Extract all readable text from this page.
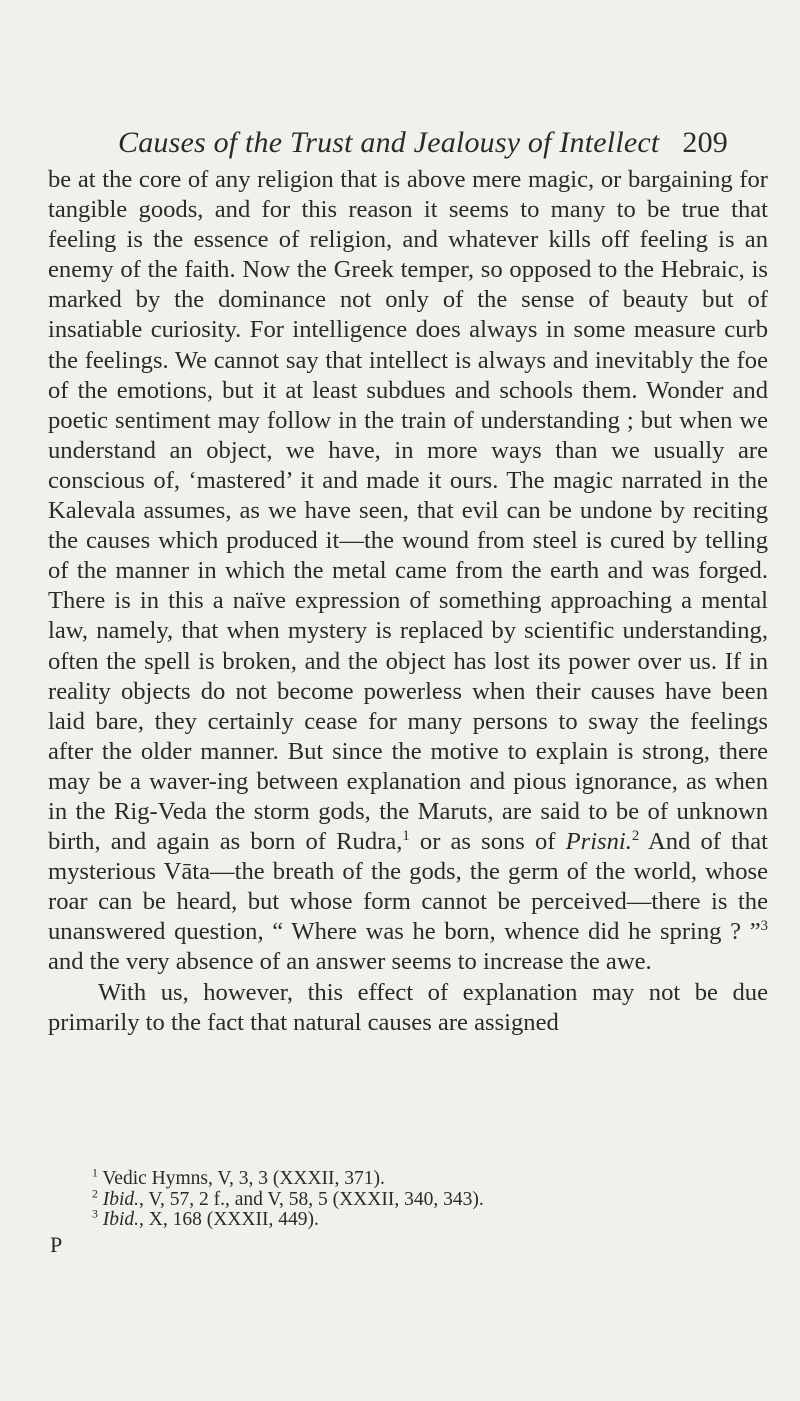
Causes of the Trust and Jealousy of Intellect 209

be at the core of any religion that is above mere magic, or bargaining for tangible goods, and for this reason it seems to many to be true that feeling is the essence of religion, and whatever kills off feeling is an enemy of the faith. Now the Greek temper, so opposed to the Hebraic, is marked by the dominance not only of the sense of beauty but of insatiable curiosity. For intelligence does always in some measure curb the feelings. We cannot say that intellect is always and inevitably the foe of the emotions, but it at least subdues and schools them. Wonder and poetic sentiment may follow in the train of understanding ; but when we understand an object, we have, in more ways than we usually are conscious of, ‘mastered’ it and made it ours. The magic narrated in the Kalevala assumes, as we have seen, that evil can be undone by reciting the causes which produced it—the wound from steel is cured by telling of the manner in which the metal came from the earth and was forged. There is in this a naïve expression of something approaching a mental law, namely, that when mystery is replaced by scientific understanding, often the spell is broken, and the object has lost its power over us. If in reality objects do not become powerless when their causes have been laid bare, they certainly cease for many persons to sway the feelings after the older manner. But since the motive to explain is strong, there may be a waver-ing between explanation and pious ignorance, as when in the Rig-Veda the storm gods, the Maruts, are said to be of unknown birth, and again as born of Rudra,$^1$ or as sons of Prisni.$^2$ And of that mysterious Vāta—the breath of the gods, the germ of the world, whose roar can be heard, but whose form cannot be perceived—there is the unanswered question, “ Where was he born, whence did he spring ? ”$^3$ and the very absence of an answer seems to increase the awe.

With us, however, this effect of explanation may not be due primarily to the fact that natural causes are assigned

$^1$ Vedic Hymns, V, 3, 3 (XXXII, 371).

$^2$ Ibid., V, 57, 2 f., and V, 58, 5 (XXXII, 340, 343).

$^3$ Ibid., X, 168 (XXXII, 449).

P
